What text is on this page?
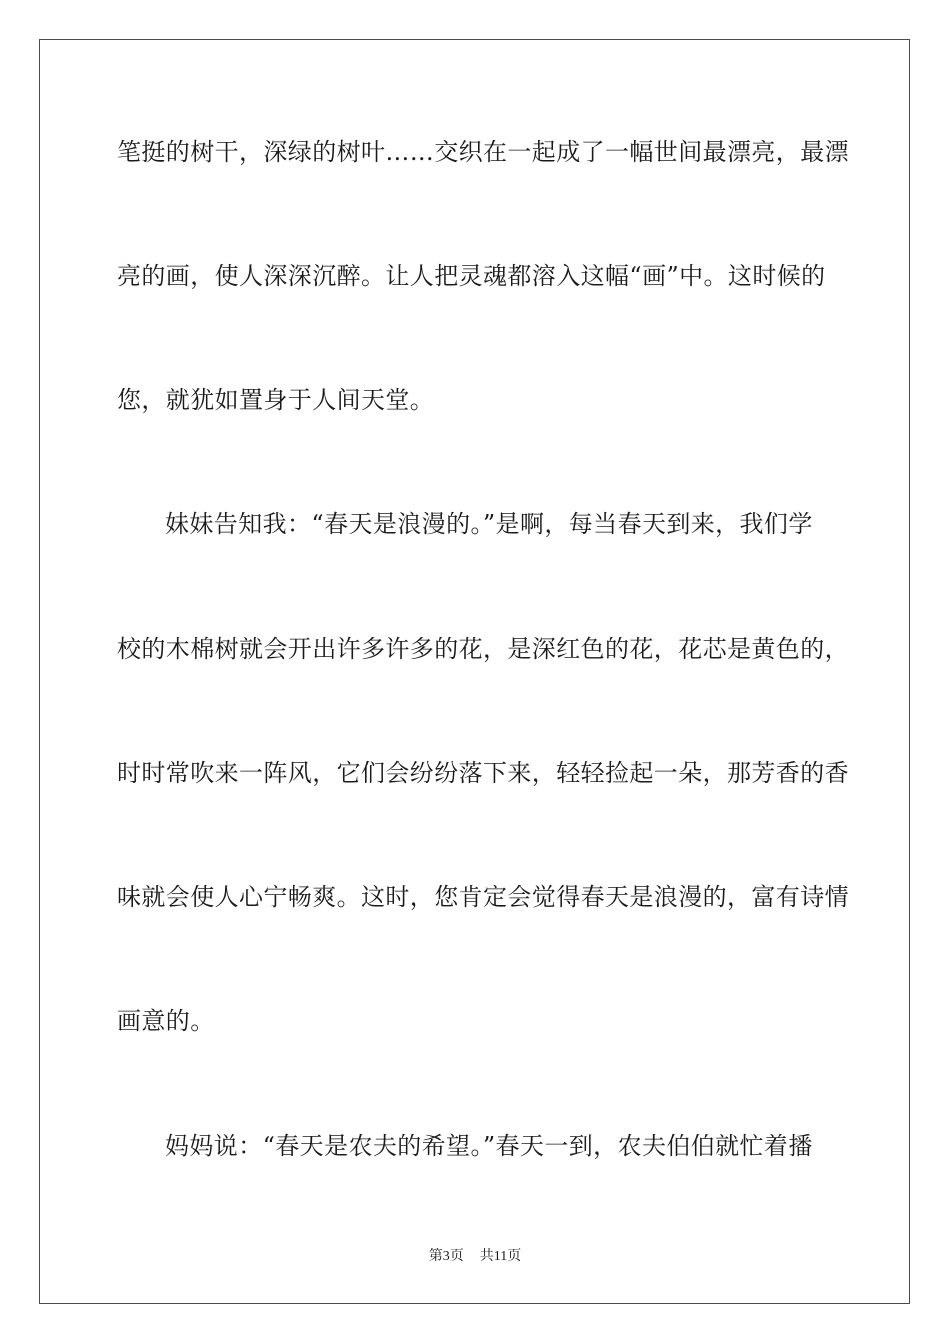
笔挺的树干，深绿的树叶……交织在一起成了一幅世间最漂亮，最漂
亮的画，使人深深沉醉。让人把灵魂都溶入这幅“画”中。这时候的
您，就犹如置身于人间天堂。
妹妹告知我：“春天是浪漫的。”是啊，每当春天到来，我们学
校的木棉树就会开出许多许多的花，是深红色的花，花芯是黄色的，
时时常吹来一阵风，它们会纷纷落下来，轻轻捡起一朵，那芳香的香
味就会使人心宁畅爽。这时，您肯定会觉得春天是浪漫的，富有诗情
画意的。
妈妈说：“春天是农夫的希望。”春天一到，农夫伯伯就忙着播
第3页 共11页
